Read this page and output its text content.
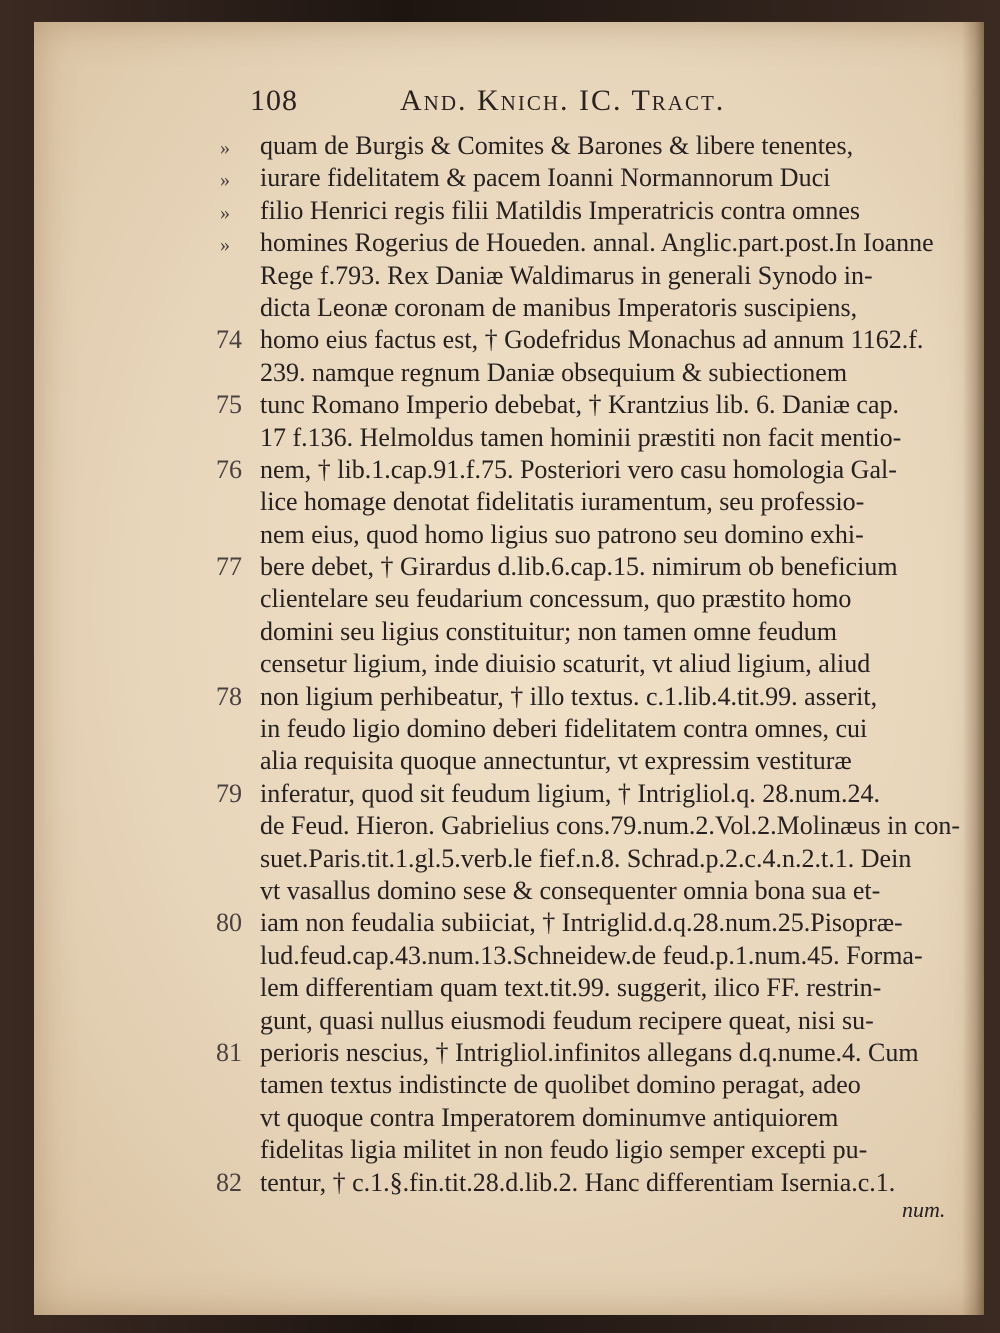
108	And. Knich. IC. Tract.
»	quam de Burgis & Comites & Barones & libere tenentes,
»	iurare fidelitatem & pacem Ioanni Normannorum Duci
»	filio Henrici regis filii Matildis Imperatricis contra omnes
»	homines Rogerius de Houeden. annal. Anglic.part.post.In Ioanne
Rege f.793. Rex Daniæ Waldimarus in generali Synodo in-
dicta Leonæ coronam de manibus Imperatoris suscipiens,
74 homo eius factus est, † Godefridus Monachus ad annum 1162.f.
239. namque regnum Daniæ obsequium & subiectionem
75 tunc Romano Imperio debebat, † Krantzius lib. 6. Daniæ cap.
17 f.136. Helmoldus tamen hominii præstiti non facit mentio-
76 nem, † lib.1.cap.91.f.75. Posteriori vero casu homologia Gal-
lice homage denotat fidelitatis iuramentum, seu professio-
nem eius, quod homo ligius suo patrono seu domino exhi-
77 bere debet, † Girardus d.lib.6.cap.15. nimirum ob beneficium
clientelare seu feudarium concessum, quo præstito homo
domini seu ligius constituitur; non tamen omne feudum
censetur ligium, inde diuisio scaturit, vt aliud ligium, aliud
78 non ligium perhibeatur, † illo textus. c.1.lib.4.tit.99. asserit,
in feudo ligio domino deberi fidelitatem contra omnes, cui
alia requisita quoque annectuntur, vt expressim vestituræ
79 inferatur, quod sit feudum ligium, † Intrigliol.q. 28.num.24.
de Feud. Hieron. Gabrielius cons.79.num.2.Vol.2.Molinæus in con-
suet.Paris.tit.1.gl.5.verb.le fief.n.8. Schrad.p.2.c.4.n.2.t.1. Dein
vt vasallus domino sese & consequenter omnia bona sua et-
80 iam non feudalia subiiciat, † Intriglid.d.q.28.num.25.Pisopræ-
lud.feud.cap.43.num.13.Schneidew.de feud.p.1.num.45. Forma-
lem differentiam quam text.tit.99. suggerit, ilico FF. restrin-
gunt, quasi nullus eiusmodi feudum recipere queat, nisi su-
81 perioris nescius, † Intrigliol.infinitos allegans d.q.nume.4. Cum
tamen textus indistincte de quolibet domino peragat, adeo
vt quoque contra Imperatorem dominumve antiquiorem
fidelitas ligia militet in non feudo ligio semper excepti pu-
82 tentur, † c.1.§.fin.tit.28.d.lib.2. Hanc differentiam Isernia.c.1.
num.
